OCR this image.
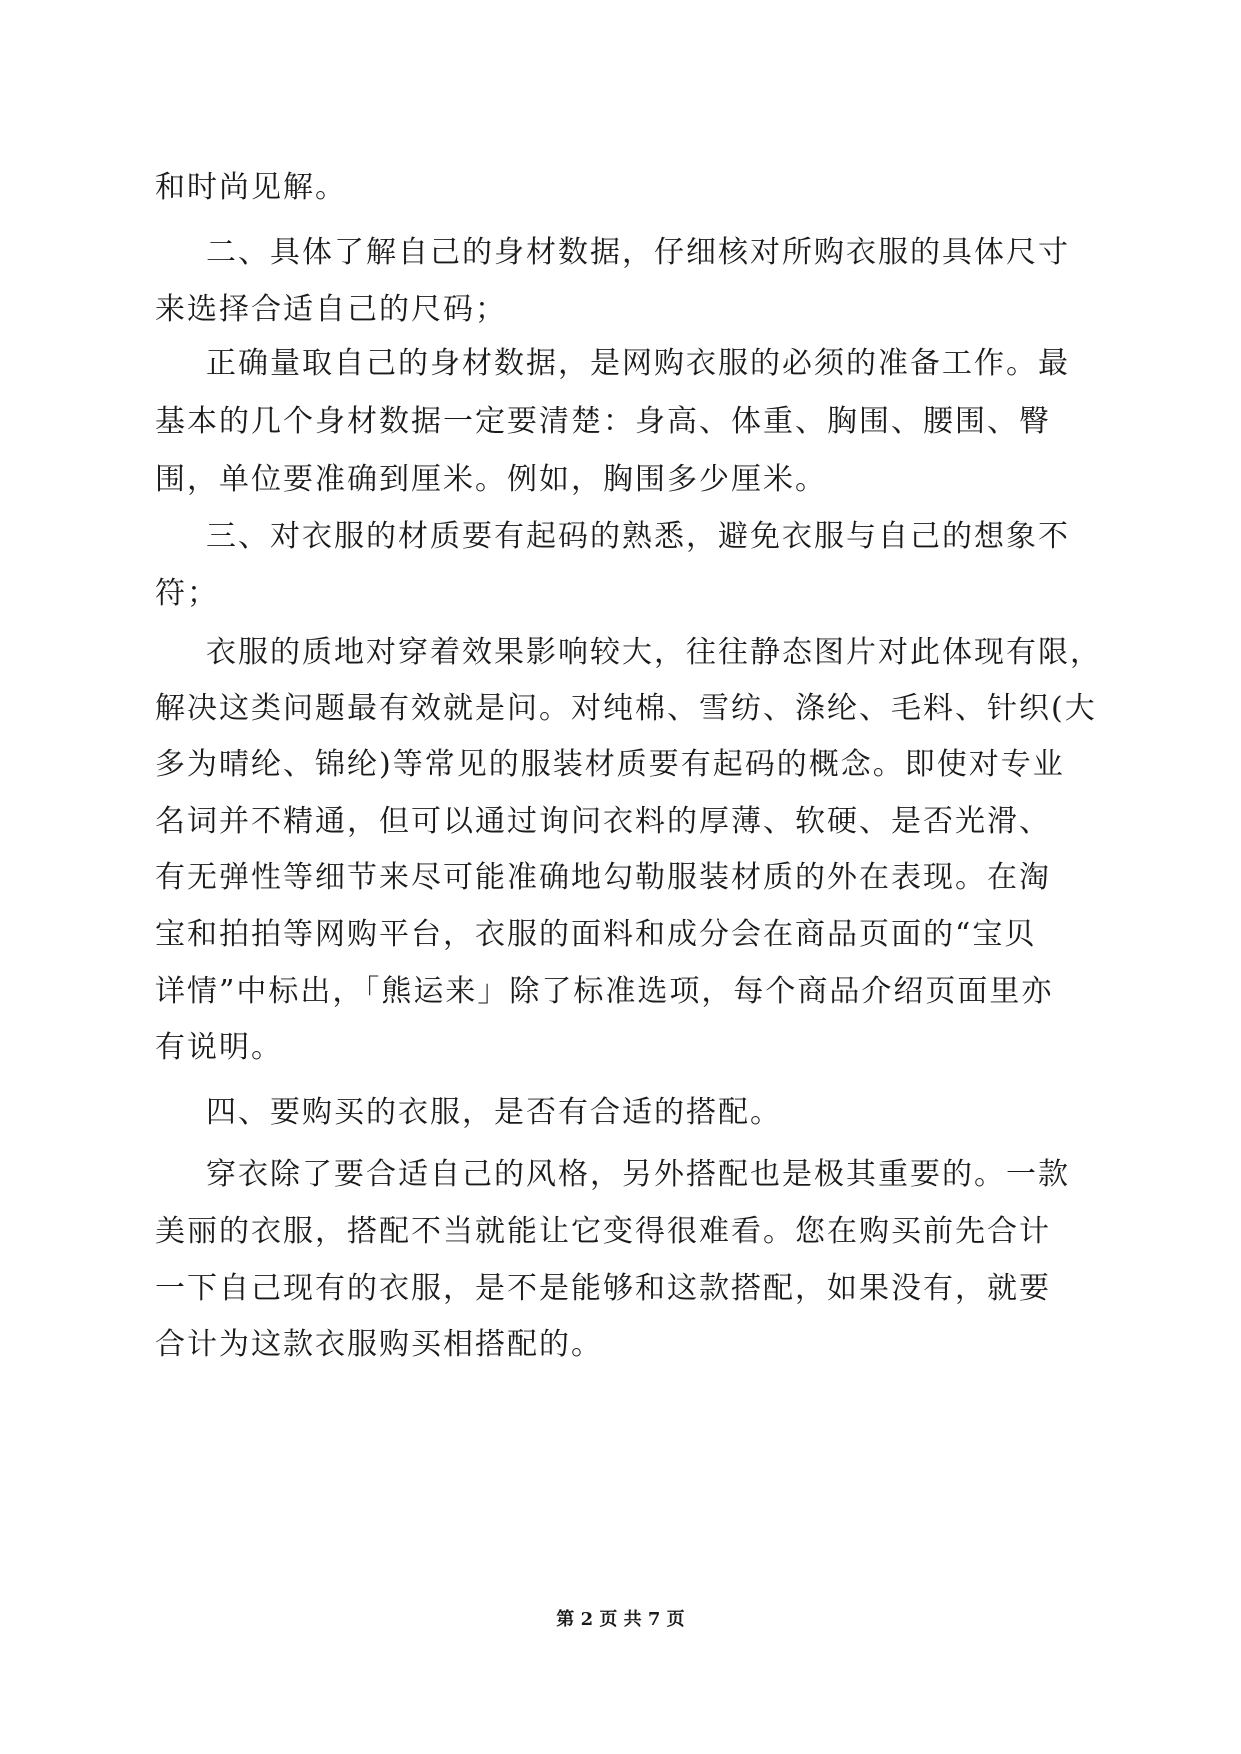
和时尚见解。
二、具体了解自己的身材数据，仔细核对所购衣服的具体尺寸
来选择合适自己的尺码；
正确量取自己的身材数据，是网购衣服的必须的准备工作。最
基本的几个身材数据一定要清楚：身高、体重、胸围、腰围、臀
围，单位要准确到厘米。例如，胸围多少厘米。
三、对衣服的材质要有起码的熟悉，避免衣服与自己的想象不
符；
衣服的质地对穿着效果影响较大，往往静态图片对此体现有限，
解决这类问题最有效就是问。对纯棉、雪纺、涤纶、毛料、针织(大
多为晴纶、锦纶)等常见的服装材质要有起码的概念。即使对专业
名词并不精通，但可以通过询问衣料的厚薄、软硬、是否光滑、
有无弹性等细节来尽可能准确地勾勒服装材质的外在表现。在淘
宝和拍拍等网购平台，衣服的面料和成分会在商品页面的“宝贝
详情”中标出，「熊运来」除了标准选项，每个商品介绍页面里亦
有说明。
四、要购买的衣服，是否有合适的搭配。
穿衣除了要合适自己的风格，另外搭配也是极其重要的。一款
美丽的衣服，搭配不当就能让它变得很难看。您在购买前先合计
一下自己现有的衣服，是不是能够和这款搭配，如果没有，就要
合计为这款衣服购买相搭配的。
第 2 页 共 7 页
